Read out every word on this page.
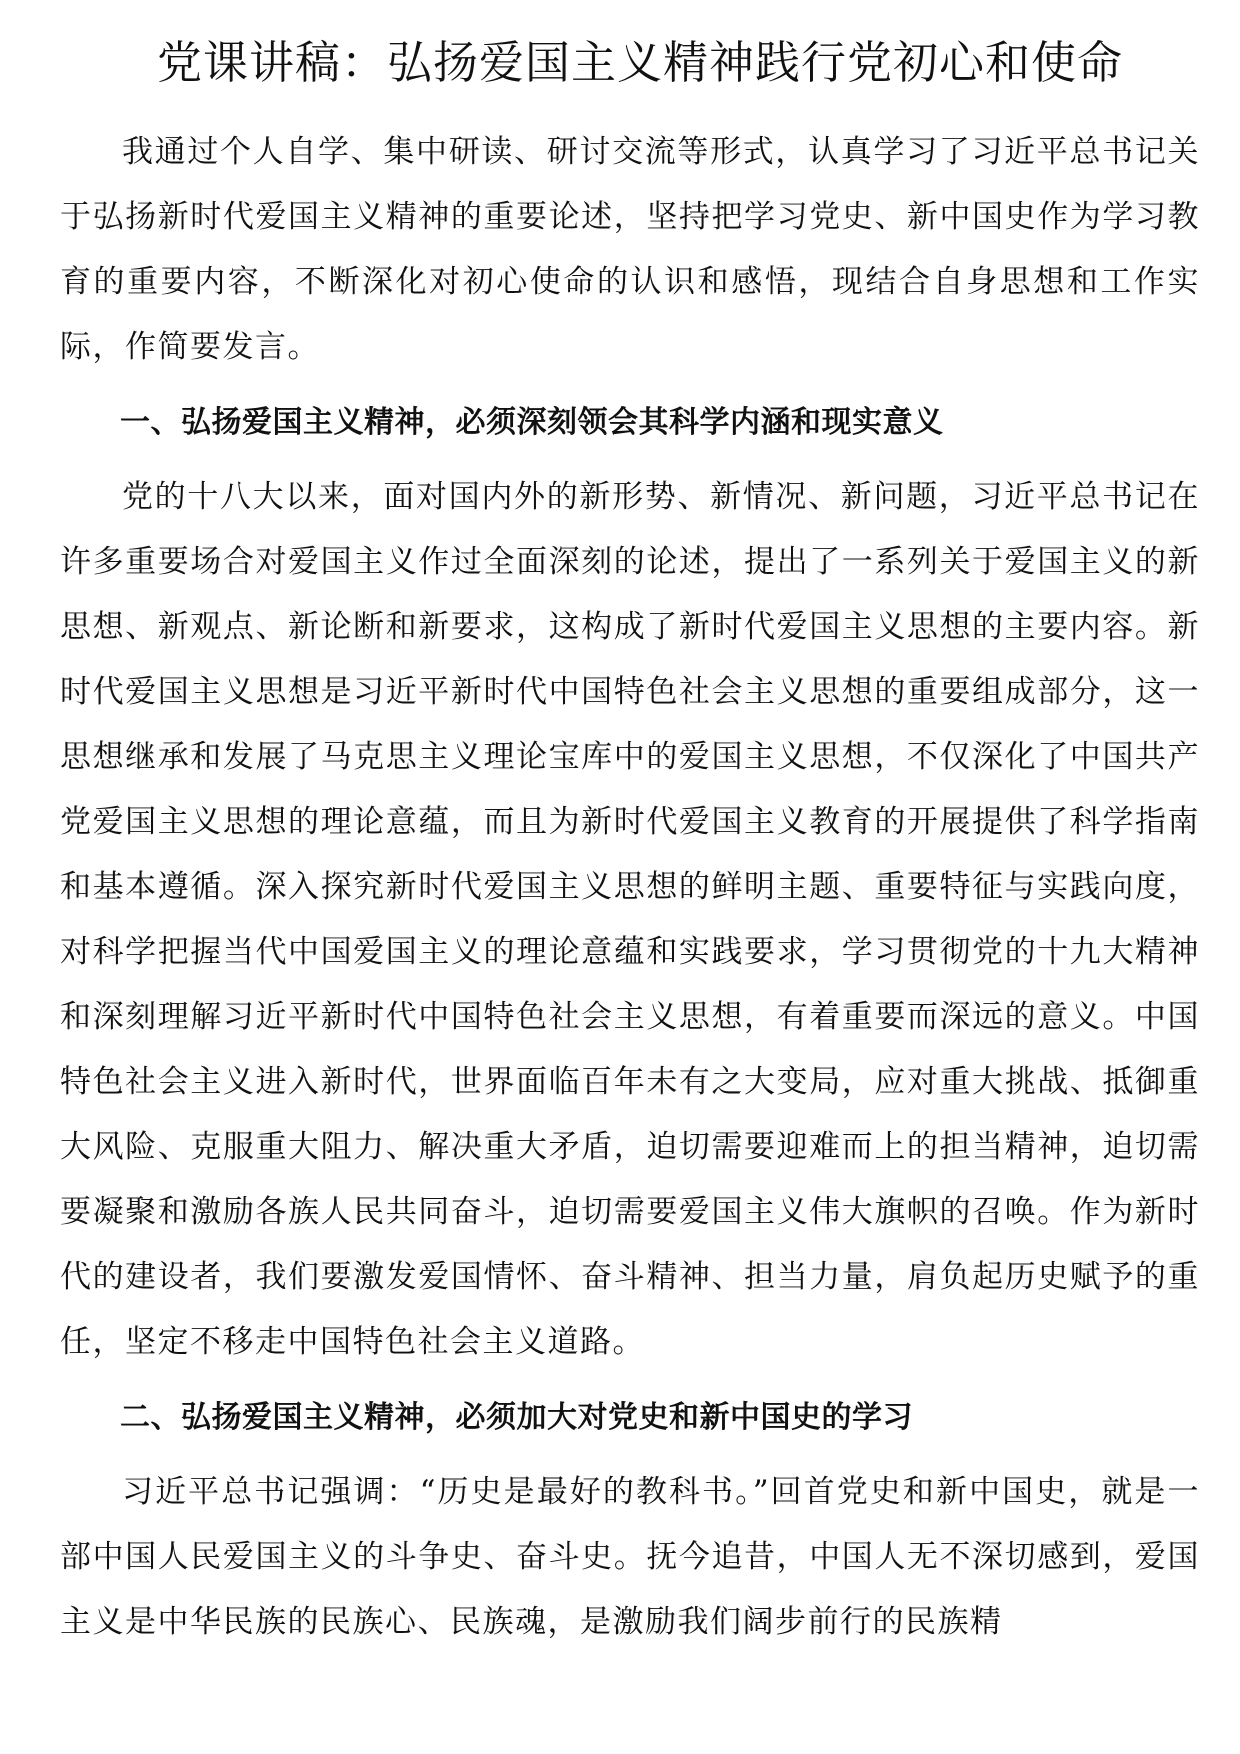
党课讲稿：弘扬爱国主义精神践行党初心和使命

我通过个人自学、集中研读、研讨交流等形式，认真学习了习近平总书记关于弘扬新时代爱国主义精神的重要论述，坚持把学习党史、新中国史作为学习教育的重要内容，不断深化对初心使命的认识和感悟，现结合自身思想和工作实际，作简要发言。

一、弘扬爱国主义精神，必须深刻领会其科学内涵和现实意义

党的十八大以来，面对国内外的新形势、新情况、新问题，习近平总书记在许多重要场合对爱国主义作过全面深刻的论述，提出了一系列关于爱国主义的新思想、新观点、新论断和新要求，这构成了新时代爱国主义思想的主要内容。新时代爱国主义思想是习近平新时代中国特色社会主义思想的重要组成部分，这一思想继承和发展了马克思主义理论宝库中的爱国主义思想，不仅深化了中国共产党爱国主义思想的理论意蕴，而且为新时代爱国主义教育的开展提供了科学指南和基本遵循。深入探究新时代爱国主义思想的鲜明主题、重要特征与实践向度，对科学把握当代中国爱国主义的理论意蕴和实践要求，学习贯彻党的十九大精神和深刻理解习近平新时代中国特色社会主义思想，有着重要而深远的意义。中国特色社会主义进入新时代，世界面临百年未有之大变局，应对重大挑战、抵御重大风险、克服重大阻力、解决重大矛盾，迫切需要迎难而上的担当精神，迫切需要凝聚和激励各族人民共同奋斗，迫切需要爱国主义伟大旗帜的召唤。作为新时代的建设者，我们要激发爱国情怀、奋斗精神、担当力量，肩负起历史赋予的重任，坚定不移走中国特色社会主义道路。

二、弘扬爱国主义精神，必须加大对党史和新中国史的学习

习近平总书记强调：“历史是最好的教科书。”回首党史和新中国史，就是一部中国人民爱国主义的斗争史、奋斗史。抚今追昔，中国人无不深切感到，爱国主义是中华民族的民族心、民族魂，是激励我们阔步前行的民族精
